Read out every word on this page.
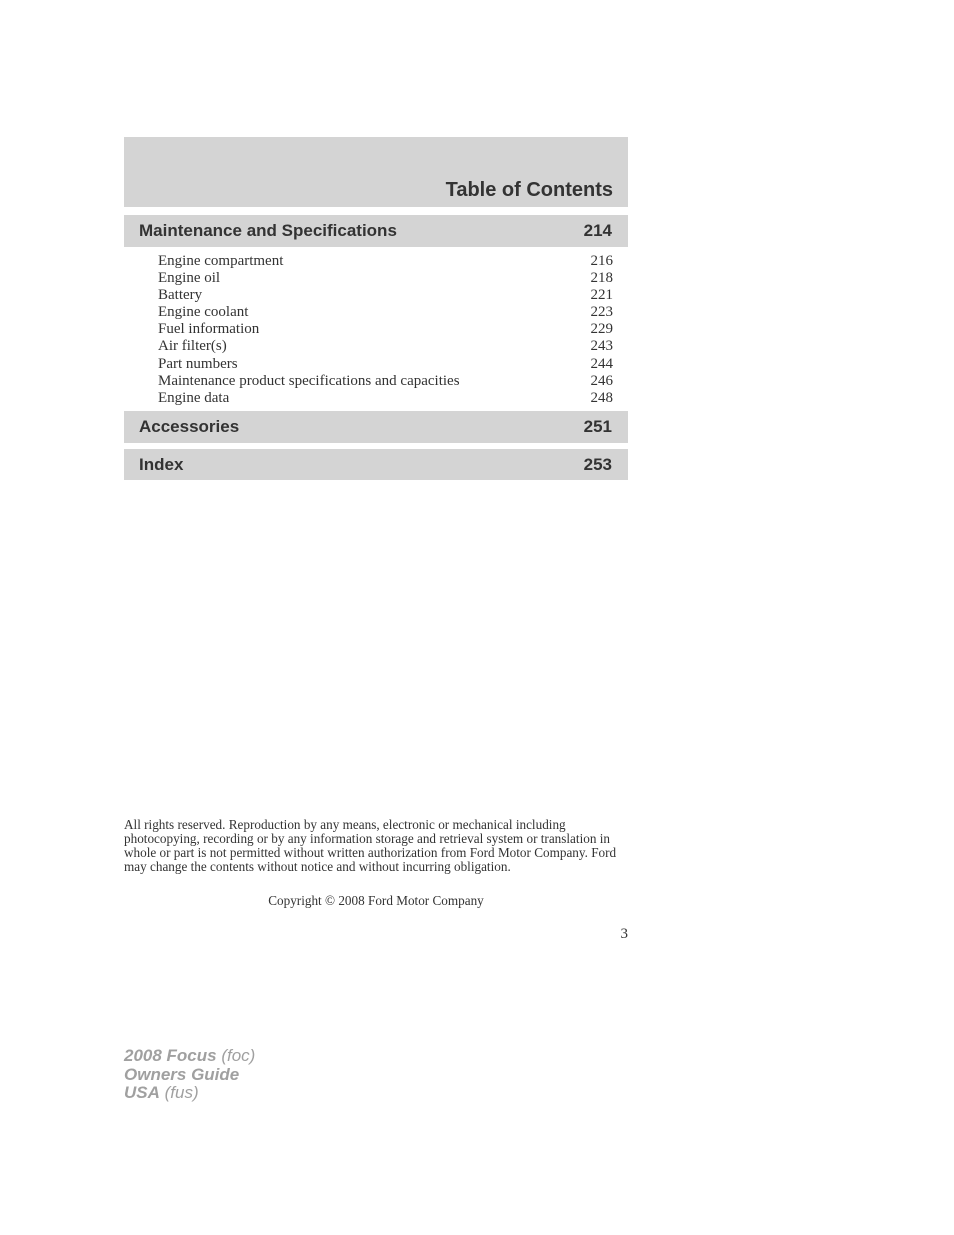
Table of Contents
Maintenance and Specifications	214
Engine compartment	216
Engine oil	218
Battery	221
Engine coolant	223
Fuel information	229
Air filter(s)	243
Part numbers	244
Maintenance product specifications and capacities	246
Engine data	248
Accessories	251
Index	253

All rights reserved. Reproduction by any means, electronic or mechanical including photocopying, recording or by any information storage and retrieval system or translation in whole or part is not permitted without written authorization from Ford Motor Company. Ford may change the contents without notice and without incurring obligation.

Copyright © 2008 Ford Motor Company
3
2008 Focus (foc)
Owners Guide
USA (fus)
